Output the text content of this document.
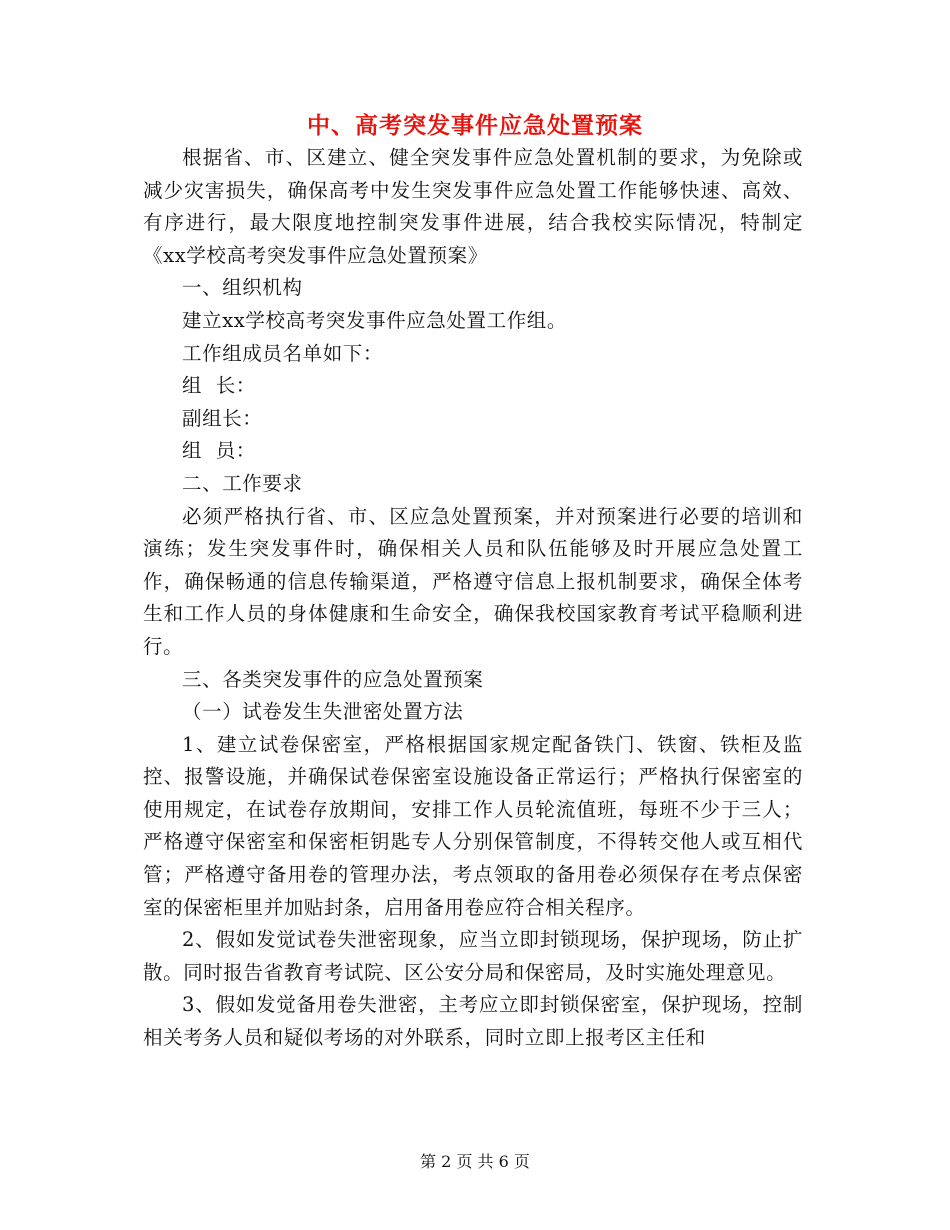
中、高考突发事件应急处置预案

根据省、市、区建立、健全突发事件应急处置机制的要求，为免除或减少灾害损失，确保高考中发生突发事件应急处置工作能够快速、高效、有序进行，最大限度地控制突发事件进展，结合我校实际情况，特制定《xx学校高考突发事件应急处置预案》

一、组织机构

建立xx学校高考突发事件应急处置工作组。

工作组成员名单如下：

组  长：

副组长：

组  员：

二、工作要求

必须严格执行省、市、区应急处置预案，并对预案进行必要的培训和演练；发生突发事件时，确保相关人员和队伍能够及时开展应急处置工作，确保畅通的信息传输渠道，严格遵守信息上报机制要求，确保全体考生和工作人员的身体健康和生命安全，确保我校国家教育考试平稳顺利进行。

三、各类突发事件的应急处置预案

（一）试卷发生失泄密处置方法

1、建立试卷保密室，严格根据国家规定配备铁门、铁窗、铁柜及监控、报警设施，并确保试卷保密室设施设备正常运行；严格执行保密室的使用规定，在试卷存放期间，安排工作人员轮流值班，每班不少于三人；严格遵守保密室和保密柜钥匙专人分别保管制度，不得转交他人或互相代管；严格遵守备用卷的管理办法，考点领取的备用卷必须保存在考点保密室的保密柜里并加贴封条，启用备用卷应符合相关程序。

2、假如发觉试卷失泄密现象，应当立即封锁现场，保护现场，防止扩散。同时报告省教育考试院、区公安分局和保密局，及时实施处理意见。

3、假如发觉备用卷失泄密，主考应立即封锁保密室，保护现场，控制相关考务人员和疑似考场的对外联系，同时立即上报考区主任和

第 2 页 共 6 页
